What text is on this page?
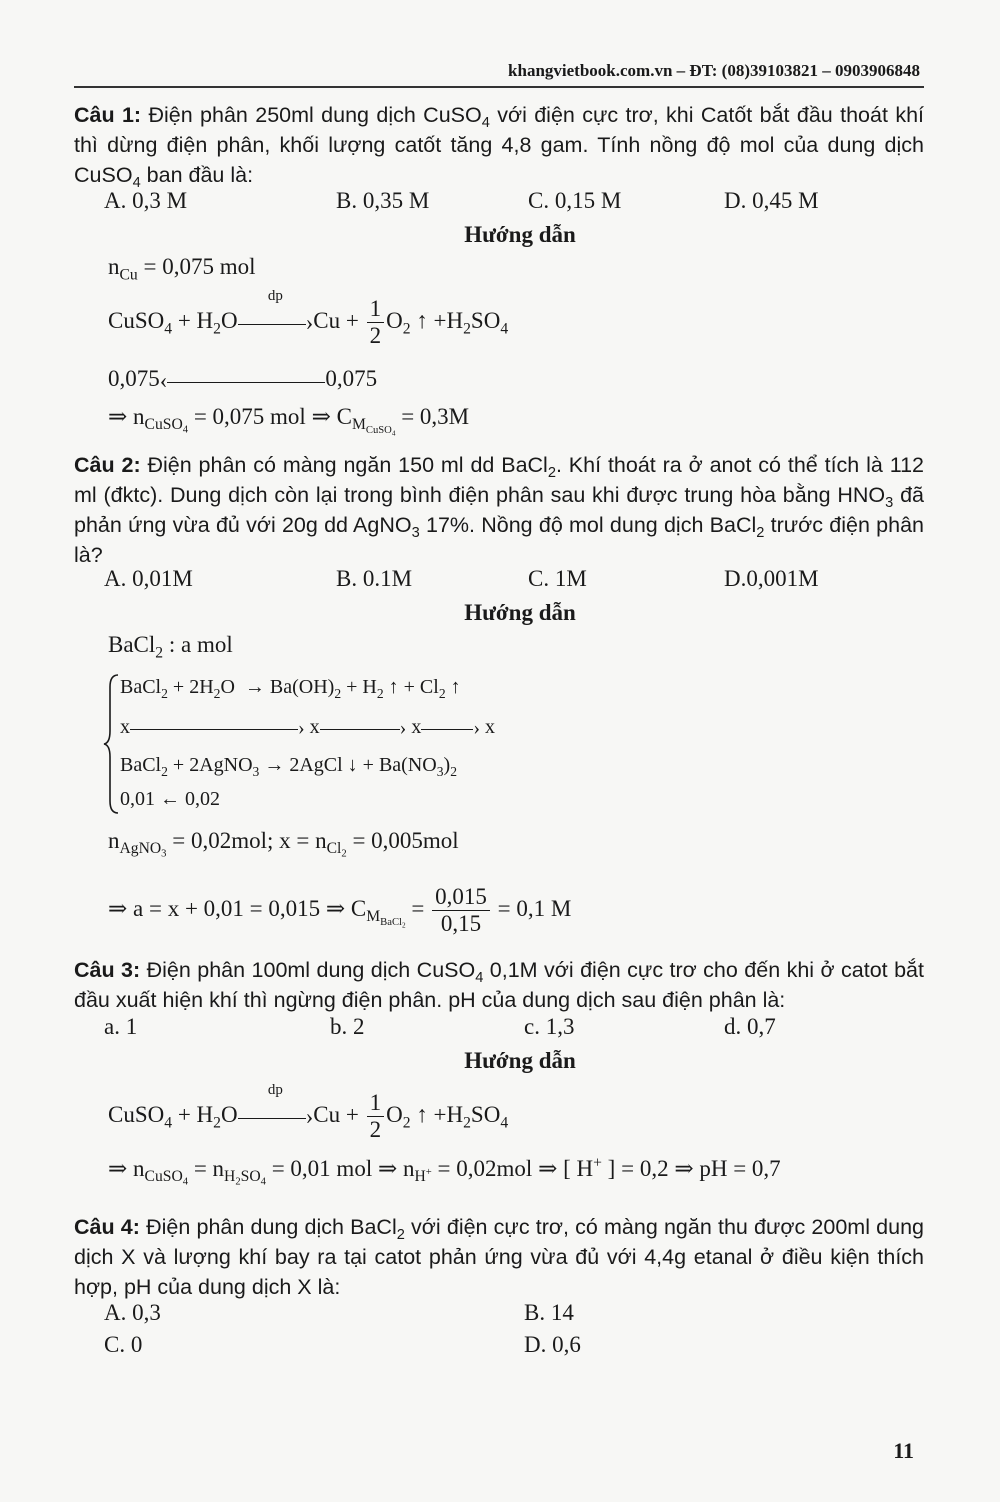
khangvietbook.com.vn – ĐT: (08)39103821 – 0903906848
Câu 1: Điện phân 250ml dung dịch CuSO$_4$ với điện cực trơ, khi Catốt bắt đầu thoát khí thì dừng điện phân, khối lượng catốt tăng 4,8 gam. Tính nồng độ mol của dung dịch CuSO$_4$ ban đầu là:
A. 0,3 M	B. 0,35 M	C. 0,15 M	D. 0,45 M
Hướng dẫn
$n_{Cu} = 0,075$ mol
CuSO$_4$ + $H_2O$
dp
›Cu + $\frac{1}{2} O_2$ ↑ $+H_2SO_4$
0,075‹	0,075
⇒ $n_{CuSO_4} = 0,075$ mol ⇒ $C_{M_{CuSO_4}} = 0,3M$
Câu 2: Điện phân có màng ngăn 150 ml dd BaCl$_2$. Khí thoát ra ở anot có thể tích là 112 ml (đktc). Dung dịch còn lại trong bình điện phân sau khi được trung hòa bằng $HNO_3$ đã phản ứng vừa đủ với 20g dd AgNO$_3$ 17%. Nồng độ mol dung dịch BaCl$_2$ trước điện phân là?
A. 0,01M	B. 0.1M	C. 1M	D.0,001M
Hướng dẫn
BaCl$_2$ : a mol
BaCl$_2$ + $2H_2O \to Ba(OH)_2 + H_2$ ↑ + $Cl_2$ ↑
x	› x	› x	› x
BaCl$_2$ + 2AgNO$_3$ → 2AgCl ↓ + $Ba(NO_3)_2$
0,01 ← 0,02
$n_{AgNO_3} = 0,02mol$; $x = n_{Cl_2} = 0,005mol$
⇒ a = x + 0,01 = 0,015 ⇒ $C_{M_{BaCl_2}} = \frac{0,015}{0,15} = 0,1$ M
Câu 3: Điện phân 100ml dung dịch CuSO$_4$ 0,1M với điện cực trơ cho đến khi ở catot bắt đầu xuất hiện khí thì ngừng điện phân. pH của dung dịch sau điện phân là:
a. 1	b. 2	c. 1,3	d. 0,7
Hướng dẫn
CuSO$_4$ + $H_2O$
dp
›Cu + $\frac{1}{2} O_2$ ↑ $+H_2SO_4$
⇒ $n_{CuSO_4} = n_{H_2SO_4} = 0,01$ mol ⇒ $n_{H^+} = 0,02mol$ ⇒ [ H+ ] = 0,2 ⇒ pH = 0,7
Câu 4: Điện phân dung dịch BaCl$_2$ với điện cực trơ, có màng ngăn thu được 200ml dung dịch X và lượng khí bay ra tại catot phản ứng vừa đủ với 4,4g etanal ở điều kiện thích hợp, pH của dung dịch X là:
A. 0,3	B. 14
C. 0	D. 0,6
11
